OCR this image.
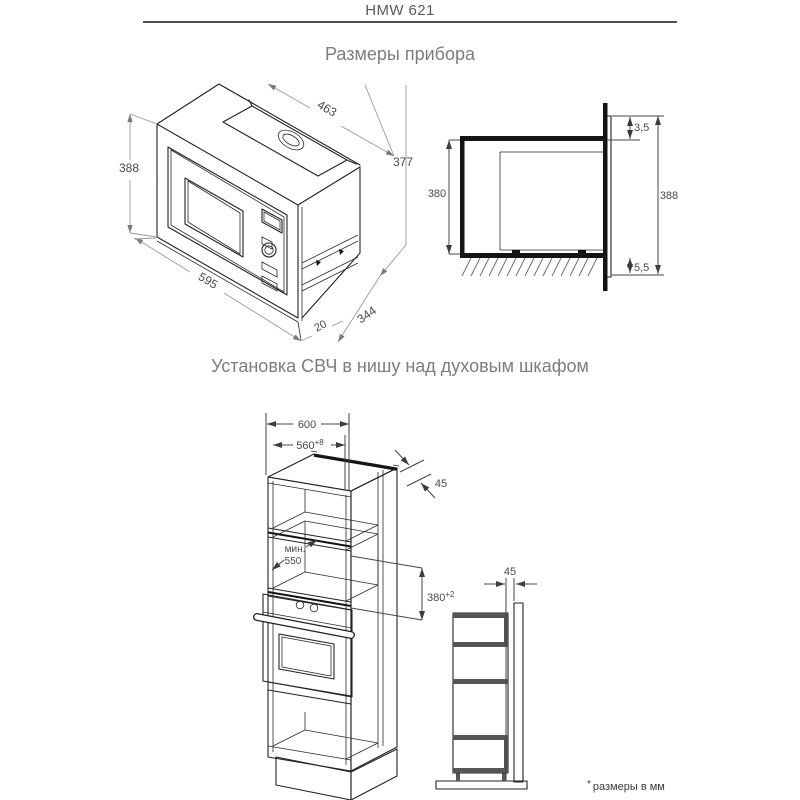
HMW 621
Размеры прибора
Установка СВЧ в нишу над духовым шкафом
* размеры в мм
388
463
377
595
20
344
380	388
3,5
5,5
600
$560^{+8}$
45
мин.
550
$380^{+2}$
45
